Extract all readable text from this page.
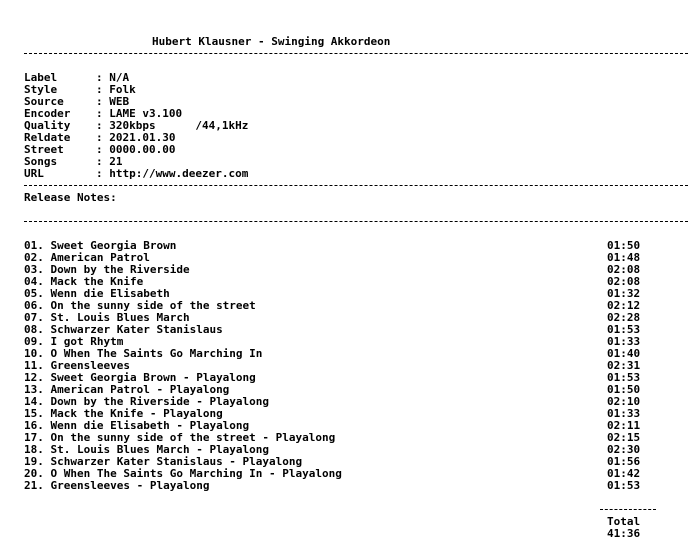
Hubert Klausner - Swinging Akkordeon
Label	: N/A
Style	: Folk
Source	: WEB
Encoder : LAME v3.100
Quality : 320kbps      /44,1kHz
Reldate : 2021.01.30
Street	: 0000.00.00
Songs	: 21
URL	: http://www.deezer.com
Release Notes:
01. Sweet Georgia Brown	01:50
02. American Patrol	01:48
03. Down by the Riverside	02:08
04. Mack the Knife	02:08
05. Wenn die Elisabeth	01:32
06. On the sunny side of the street	02:12
07. St. Louis Blues March	02:28
08. Schwarzer Kater Stanislaus	01:53
09. I got Rhytm	01:33
10. O When The Saints Go Marching In	01:40
11. Greensleeves	02:31
12. Sweet Georgia Brown - Playalong	01:53
13. American Patrol - Playalong	01:50
14. Down by the Riverside - Playalong	02:10
15. Mack the Knife - Playalong	01:33
16. Wenn die Elisabeth - Playalong	02:11
17. On the sunny side of the street - Playalong	02:15
18. St. Louis Blues March - Playalong	02:30
19. Schwarzer Kater Stanislaus - Playalong	01:56
20. O When The Saints Go Marching In - Playalong	01:42
21. Greensleeves - Playalong	01:53
Total
41:36
